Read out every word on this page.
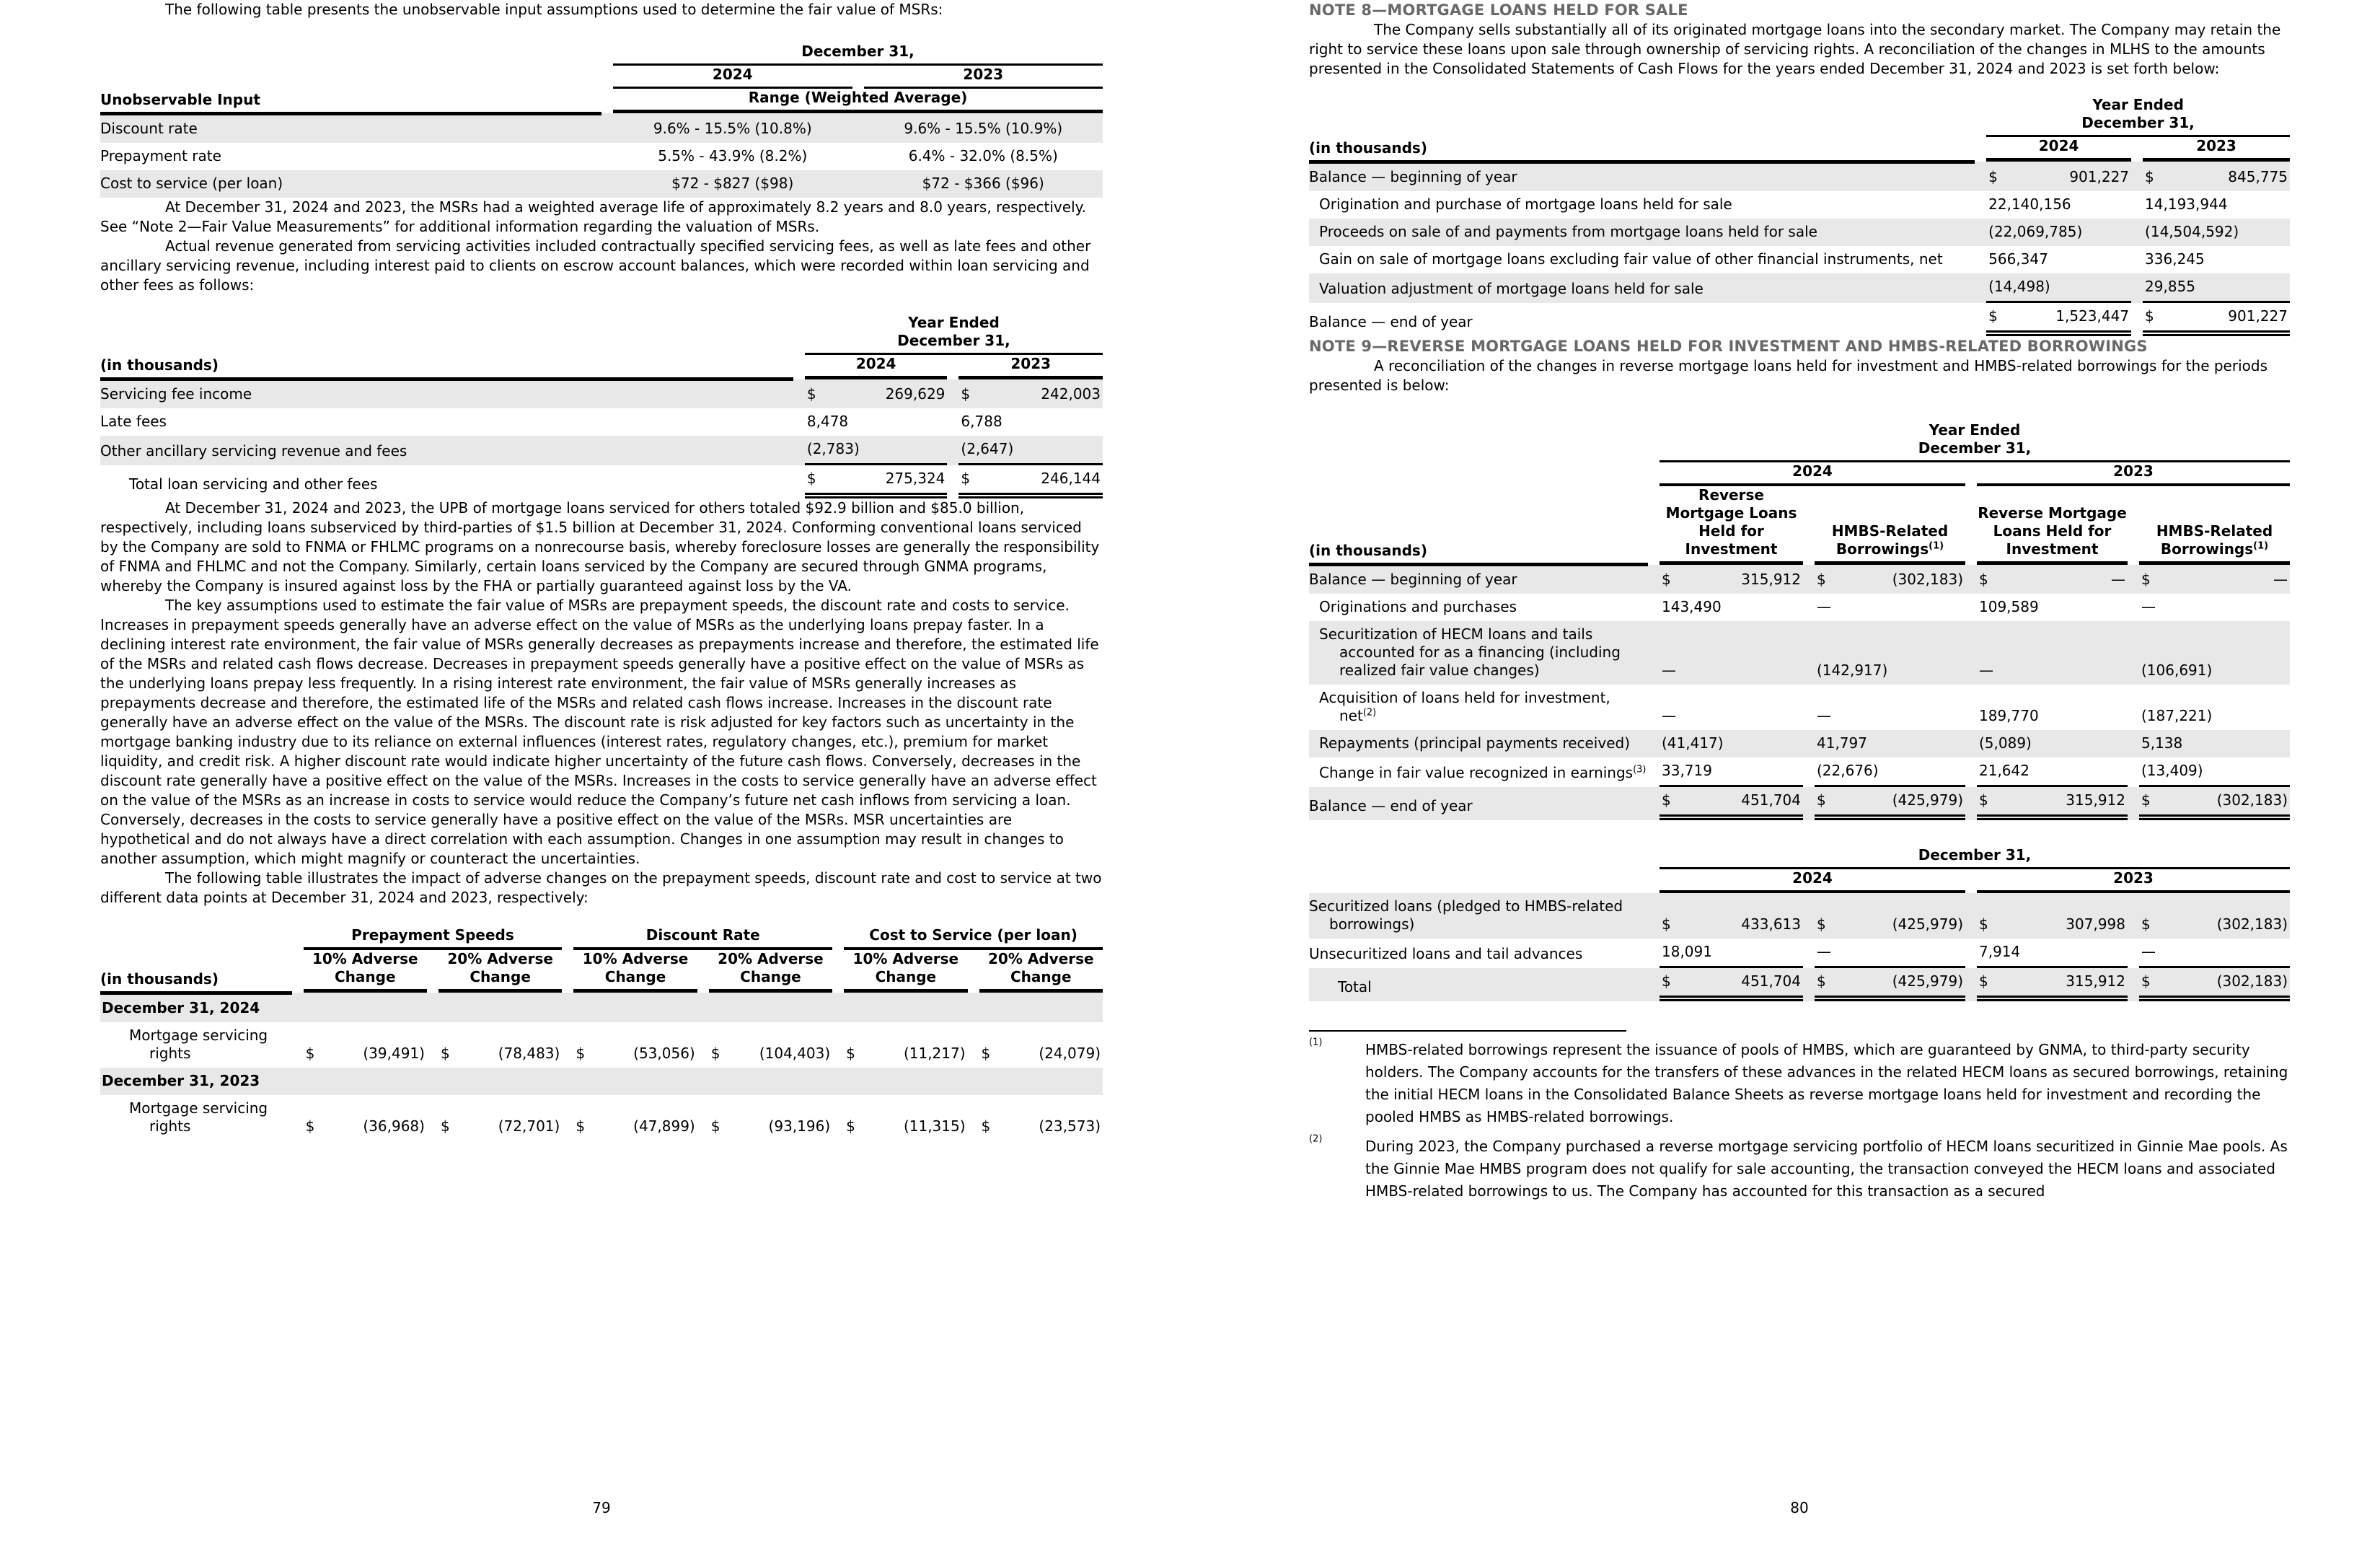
The following table presents the unobservable input assumptions used to determine the fair value of MSRs:

	December 31,	

	2024	2023

Unobservable Input	Range (Weighted Average)	

Discount rate	9.6% - 15.5% (10.8%)	9.6% - 15.5% (10.9%)

Prepayment rate	5.5% - 43.9% (8.2%)	6.4% - 32.0% (8.5%)

Cost to service (per loan)	$72 - $827 ($98)	$72 - $366 ($96)

At December 31, 2024 and 2023, the MSRs had a weighted average life of approximately 8.2 years and 8.0 years, respectively. See “Note 2—Fair Value Measurements” for additional information regarding the valuation of MSRs.

Actual revenue generated from servicing activities included contractually specified servicing fees, as well as late fees and other ancillary servicing revenue, including interest paid to clients on escrow account balances, which were recorded within loan servicing and other fees as follows:

	Year Ended
December 31,	

(in thousands)	2024	2023

Servicing fee income	$ 269,629	$ 242,003

Late fees	8,478	6,788

Other ancillary servicing revenue and fees	(2,783)	(2,647)

Total loan servicing and other fees	$ 275,324	$ 246,144

At December 31, 2024 and 2023, the UPB of mortgage loans serviced for others totaled $92.9 billion and $85.0 billion, respectively, including loans subserviced by third-parties of $1.5 billion at December 31, 2024. Conforming conventional loans serviced by the Company are sold to FNMA or FHLMC programs on a nonrecourse basis, whereby foreclosure losses are generally the responsibility of FNMA and FHLMC and not the Company. Similarly, certain loans serviced by the Company are secured through GNMA programs, whereby the Company is insured against loss by the FHA or partially guaranteed against loss by the VA.

The key assumptions used to estimate the fair value of MSRs are prepayment speeds, the discount rate and costs to service. Increases in prepayment speeds generally have an adverse effect on the value of MSRs as the underlying loans prepay faster. In a declining interest rate environment, the fair value of MSRs generally decreases as prepayments increase and therefore, the estimated life of the MSRs and related cash flows decrease. Decreases in prepayment speeds generally have a positive effect on the value of MSRs as the underlying loans prepay less frequently. In a rising interest rate environment, the fair value of MSRs generally increases as prepayments decrease and therefore, the estimated life of the MSRs and related cash flows increase. Increases in the discount rate generally have an adverse effect on the value of the MSRs. The discount rate is risk adjusted for key factors such as uncertainty in the mortgage banking industry due to its reliance on external influences (interest rates, regulatory changes, etc.), premium for market liquidity, and credit risk. A higher discount rate would indicate higher uncertainty of the future cash flows. Conversely, decreases in the discount rate generally have a positive effect on the value of the MSRs. Increases in the costs to service generally have an adverse effect on the value of the MSRs as an increase in costs to service would reduce the Company’s future net cash inflows from servicing a loan. Conversely, decreases in the costs to service generally have a positive effect on the value of the MSRs. MSR uncertainties are hypothetical and do not always have a direct correlation with each assumption. Changes in one assumption may result in changes to another assumption, which might magnify or counteract the uncertainties.

The following table illustrates the impact of adverse changes on the prepayment speeds, discount rate and cost to service at two different data points at December 31, 2024 and 2023, respectively:

	Prepayment Speeds		Discount Rate		Cost to Service (per loan)	

(in thousands)	10% Adverse Change	20% Adverse Change	10% Adverse Change	20% Adverse Change	10% Adverse Change	20% Adverse Change

December 31, 2024						
Mortgage servicing rights	$ (39,491)	$ (78,483)	$ (53,056)	$ (104,403)	$ (11,217)	$ (24,079)

December 31, 2023						
Mortgage servicing rights	$ (36,968)	$ (72,701)	$ (47,899)	$ (93,196)	$ (11,315)	$ (23,573)
79
NOTE 8—MORTGAGE LOANS HELD FOR SALE

The Company sells substantially all of its originated mortgage loans into the secondary market. The Company may retain the right to service these loans upon sale through ownership of servicing rights. A reconciliation of the changes in MLHS to the amounts presented in the Consolidated Statements of Cash Flows for the years ended December 31, 2024 and 2023 is set forth below:

	Year Ended
December 31,	

(in thousands)	2024	2023

Balance — beginning of year	$ 901,227	$ 845,775

Origination and purchase of mortgage loans held for sale	22,140,156	14,193,944

Proceeds on sale of and payments from mortgage loans held for sale	(22,069,785)	(14,504,592)

Gain on sale of mortgage loans excluding fair value of other financial instruments, net	566,347	336,245

Valuation adjustment of mortgage loans held for sale	(14,498)	29,855

Balance — end of year	$ 1,523,447	$ 901,227
NOTE 9—REVERSE MORTGAGE LOANS HELD FOR INVESTMENT AND HMBS-RELATED BORROWINGS

A reconciliation of the changes in reverse mortgage loans held for investment and HMBS-related borrowings for the periods presented is below:

	Year Ended
December 31,			

	2024		2023	

(in thousands)	Reverse Mortgage Loans Held for Investment	HMBS-Related Borrowings$^{(1)}$	Reverse Mortgage Loans Held for Investment	HMBS-Related Borrowings$^{(1)}$

Balance — beginning of year	$ 315,912	$ (302,183)	$ —	$ —

Originations and purchases	143,490	—	109,589	—

Securitization of HECM loans and tails accounted for as a financing (including realized fair value changes)	—	(142,917)	—	(106,691)

Acquisition of loans held for investment, net$^{(2)}$	—	—	189,770	(187,221)

Repayments (principal payments received)	(41,417)	41,797	(5,089)	5,138

Change in fair value recognized in earnings$^{(3)}$	33,719	(22,676)	21,642	(13,409)

Balance — end of year	$ 451,704	$ (425,979)	$ 315,912	$ (302,183)

	December 31,			

	2024		2023	

Securitized loans (pledged to HMBS-related borrowings)	$ 433,613	$ (425,979)	$ 307,998	$ (302,183)

Unsecuritized loans and tail advances	18,091	—	7,914	—

Total	$ 451,704	$ (425,979)	$ 315,912	$ (302,183)
$^{(1)}$	HMBS-related borrowings represent the issuance of pools of HMBS, which are guaranteed by GNMA, to third-party security holders. The Company accounts for the transfers of these advances in the related HECM loans as secured borrowings, retaining the initial HECM loans in the Consolidated Balance Sheets as reverse mortgage loans held for investment and recording the pooled HMBS as HMBS-related borrowings.
$^{(2)}$	During 2023, the Company purchased a reverse mortgage servicing portfolio of HECM loans securitized in Ginnie Mae pools. As the Ginnie Mae HMBS program does not qualify for sale accounting, the transaction conveyed the HECM loans and associated HMBS-related borrowings to us. The Company has accounted for this transaction as a secured
80
